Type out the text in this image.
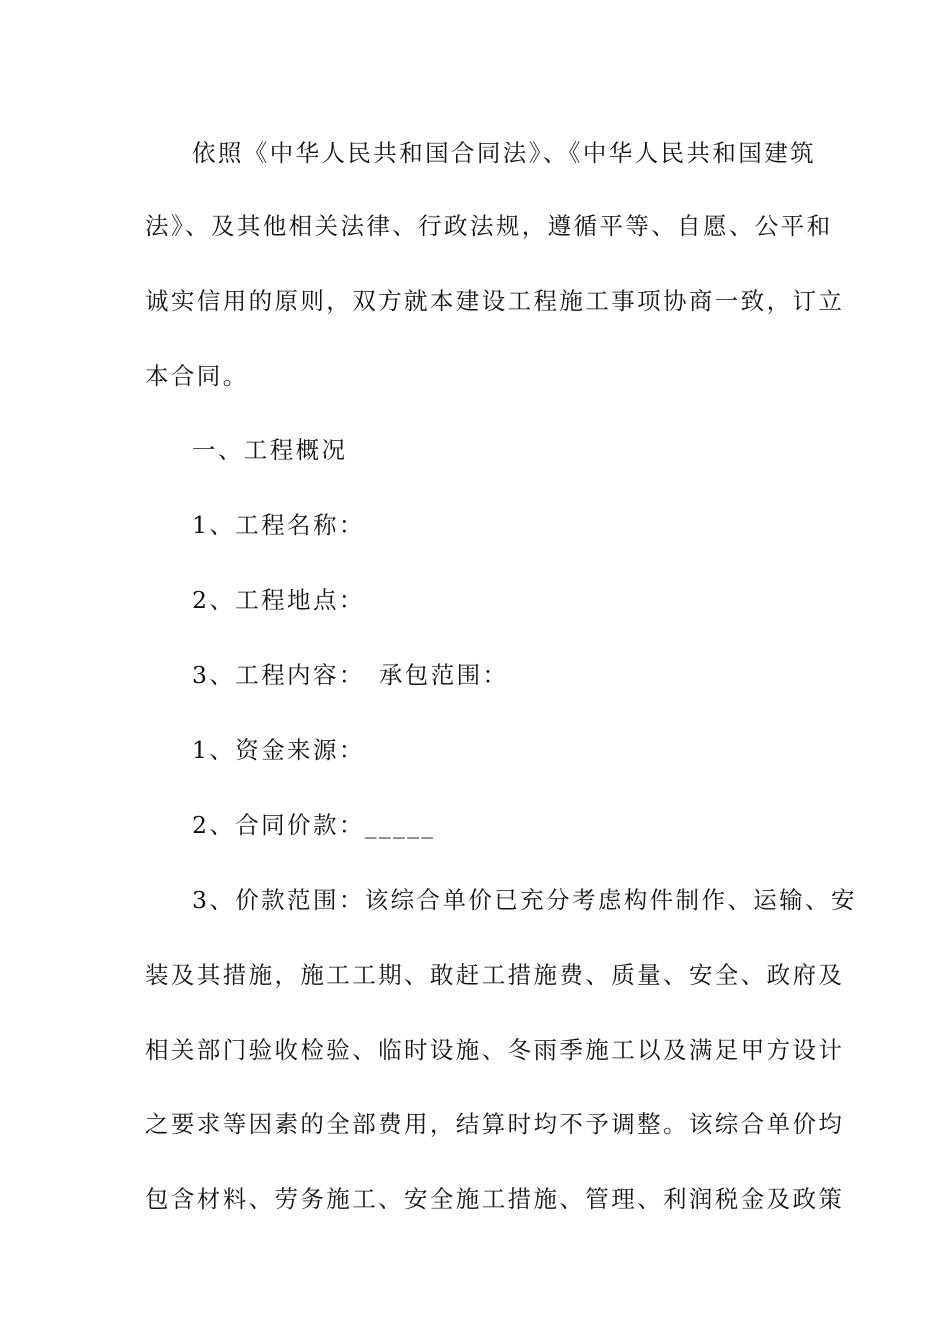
依照《中华人民共和国合同法》、《中华人民共和国建筑
法》、及其他相关法律、行政法规，遵循平等、自愿、公平和
诚实信用的原则，双方就本建设工程施工事项协商一致，订立
本合同。
一、工程概况
1、工程名称：
2、工程地点：
3、工程内容：　承包范围：
1、资金来源：
2、合同价款：_____
3、价款范围：该综合单价已充分考虑构件制作、运输、安
装及其措施，施工工期、敢赶工措施费、质量、安全、政府及
相关部门验收检验、临时设施、冬雨季施工以及满足甲方设计
之要求等因素的全部费用，结算时均不予调整。该综合单价均
包含材料、劳务施工、安全施工措施、管理、利润税金及政策
